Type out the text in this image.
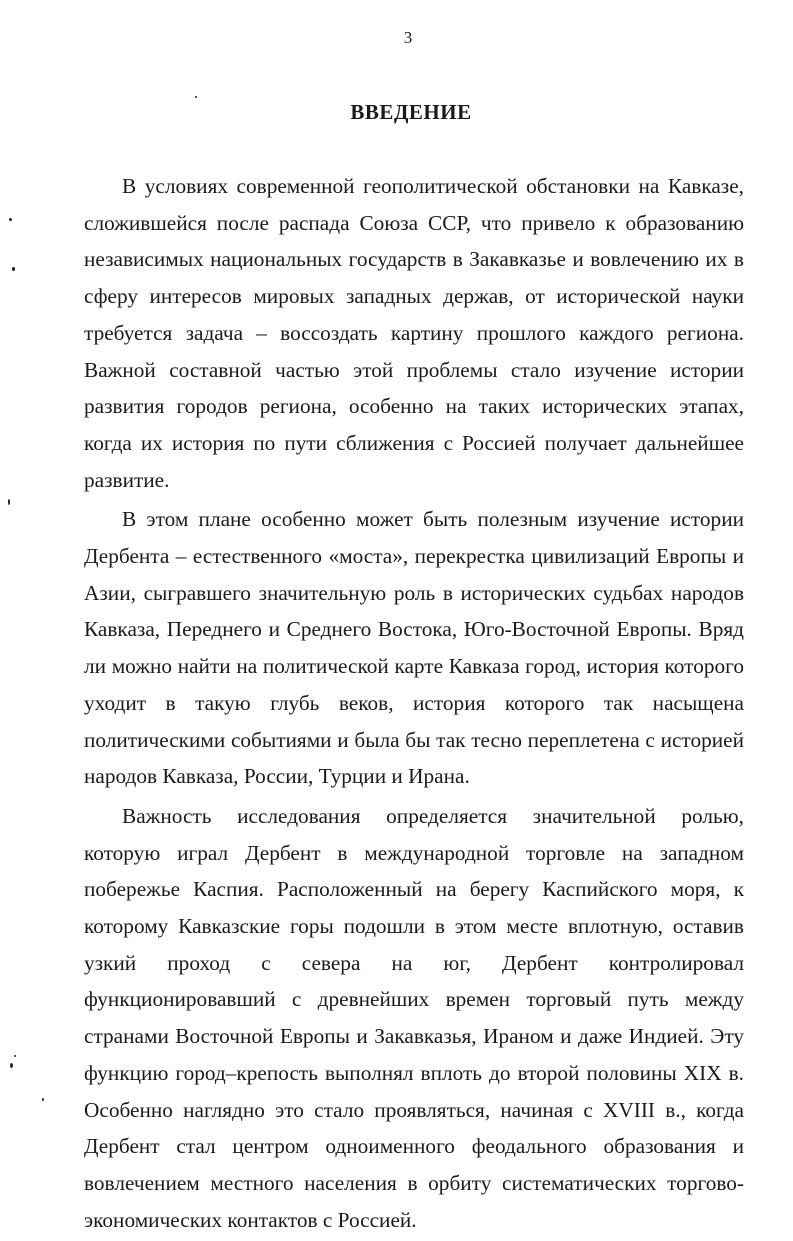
3
ВВЕДЕНИЕ

В условиях современной геополитической обстановки на Кавказе, сложившейся после распада Союза ССР, что привело к образованию независимых национальных государств в Закавказье и вовлечению их в сферу интересов мировых западных держав, от исторической науки требуется задача – воссоздать картину прошлого каждого региона. Важной составной частью этой проблемы стало изучение истории развития городов региона, особенно на таких исторических этапах, когда их история по пути сближения с Россией получает дальнейшее развитие.

В этом плане особенно может быть полезным изучение истории Дербента – естественного «моста», перекрестка цивилизаций Европы и Азии, сыгравшего значительную роль в исторических судьбах народов Кавказа, Переднего и Среднего Востока, Юго-Восточной Европы. Вряд ли можно найти на политической карте Кавказа город, история которого уходит в такую глубь веков, история которого так насыщена политическими событиями и была бы так тесно переплетена с историей народов Кавказа, России, Турции и Ирана.

Важность исследования определяется значительной ролью, которую играл Дербент в международной торговле на западном побережье Каспия. Расположенный на берегу Каспийского моря, к которому Кавказские горы подошли в этом месте вплотную, оставив узкий проход с севера на юг, Дербент контролировал функционировавший с древнейших времен торговый путь между странами Восточной Европы и Закавказья, Ираном и даже Индией. Эту функцию город–крепость выполнял вплоть до второй половины XIX в. Особенно наглядно это стало проявляться, начиная с XVIII в., когда Дербент стал центром одноименного феодального образования и вовлечением местного населения в орбиту систематических торгово-экономических контактов с Россией.
